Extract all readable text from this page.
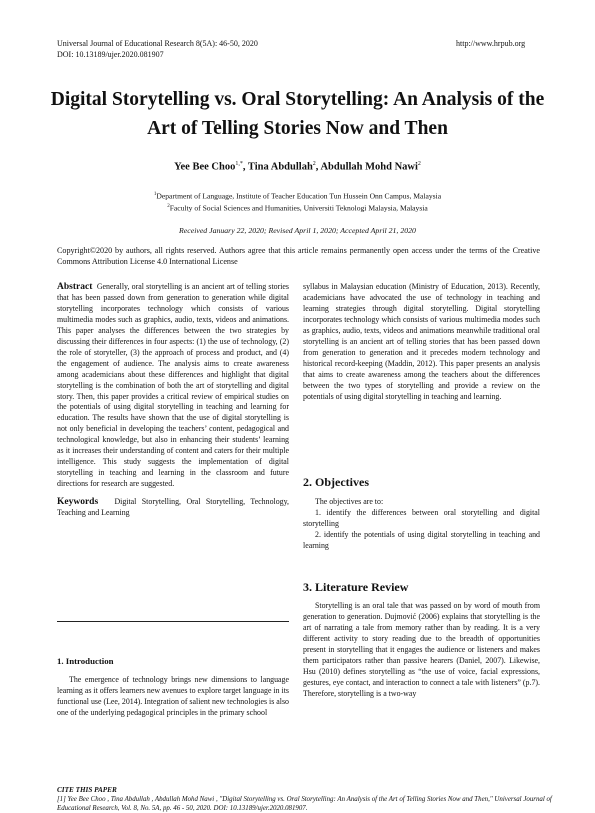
Universal Journal of Educational Research 8(5A): 46-50, 2020
DOI: 10.13189/ujer.2020.081907
http://www.hrpub.org
Digital Storytelling vs. Oral Storytelling: An Analysis of the Art of Telling Stories Now and Then
Yee Bee Choo$^{1,*}$, Tina Abdullah$^2$, Abdullah Mohd Nawi$^2$
$^1$Department of Language, Institute of Teacher Education Tun Hussein Onn Campus, Malaysia
$^2$Faculty of Social Sciences and Humanities, Universiti Teknologi Malaysia, Malaysia
Received January 22, 2020; Revised April 1, 2020; Accepted April 21, 2020
Copyright©2020 by authors, all rights reserved. Authors agree that this article remains permanently open access under the terms of the Creative Commons Attribution License 4.0 International License

Abstract Generally, oral storytelling is an ancient art of telling stories that has been passed down from generation to generation while digital storytelling incorporates technology which consists of various multimedia modes such as graphics, audio, texts, videos and animations. This paper analyses the differences between the two strategies by discussing their differences in four aspects: (1) the use of technology, (2) the role of storyteller, (3) the approach of process and product, and (4) the engagement of audience. The analysis aims to create awareness among academicians about these differences and highlight that digital storytelling is the combination of both the art of storytelling and digital story. Then, this paper provides a critical review of empirical studies on the potentials of using digital storytelling in teaching and learning for education. The results have shown that the use of digital storytelling is not only beneficial in developing the teachers’ content, pedagogical and technological knowledge, but also in enhancing their students’ learning as it increases their understanding of content and caters for their multiple intelligence. This study suggests the implementation of digital storytelling in teaching and learning in the classroom and future directions for research are suggested.

Keywords Digital Storytelling, Oral Storytelling, Technology, Teaching and Learning

1. Introduction
The emergence of technology brings new dimensions to language learning as it offers learners new avenues to explore target language in its functional use (Lee, 2014). Integration of salient new technologies is also one of the underlying pedagogical principles in the primary school
syllabus in Malaysian education (Ministry of Education, 2013). Recently, academicians have advocated the use of technology in teaching and learning strategies through digital storytelling. Digital storytelling incorporates technology which consists of various multimedia modes such as graphics, audio, texts, videos and animations meanwhile traditional oral storytelling is an ancient art of telling stories that has been passed down from generation to generation and it precedes modern technology and historical record-keeping (Maddin, 2012). This paper presents an analysis that aims to create awareness among the teachers about the differences between the two types of storytelling and provide a review on the potentials of using digital storytelling in teaching and learning.
2. Objectives

The objectives are to:

1. identify the differences between oral storytelling and digital storytelling

2. identify the potentials of using digital storytelling in teaching and learning

3. Literature Review
Storytelling is an oral tale that was passed on by word of mouth from generation to generation. Dujmović (2006) explains that storytelling is the art of narrating a tale from memory rather than by reading. It is a very different activity to story reading due to the breadth of opportunities present in storytelling that it engages the audience or listeners and makes them participators rather than passive hearers (Daniel, 2007). Likewise, Hsu (2010) defines storytelling as “the use of voice, facial expressions, gestures, eye contact, and interaction to connect a tale with listeners” (p.7). Therefore, storytelling is a two-way
CITE THIS PAPER
[1] Yee Bee Choo , Tina Abdullah , Abdullah Mohd Nawi , "Digital Storytelling vs. Oral Storytelling: An Analysis of the Art of Telling Stories Now and Then," Universal Journal of Educational Research, Vol. 8, No. 5A, pp. 46 - 50, 2020. DOI: 10.13189/ujer.2020.081907.
